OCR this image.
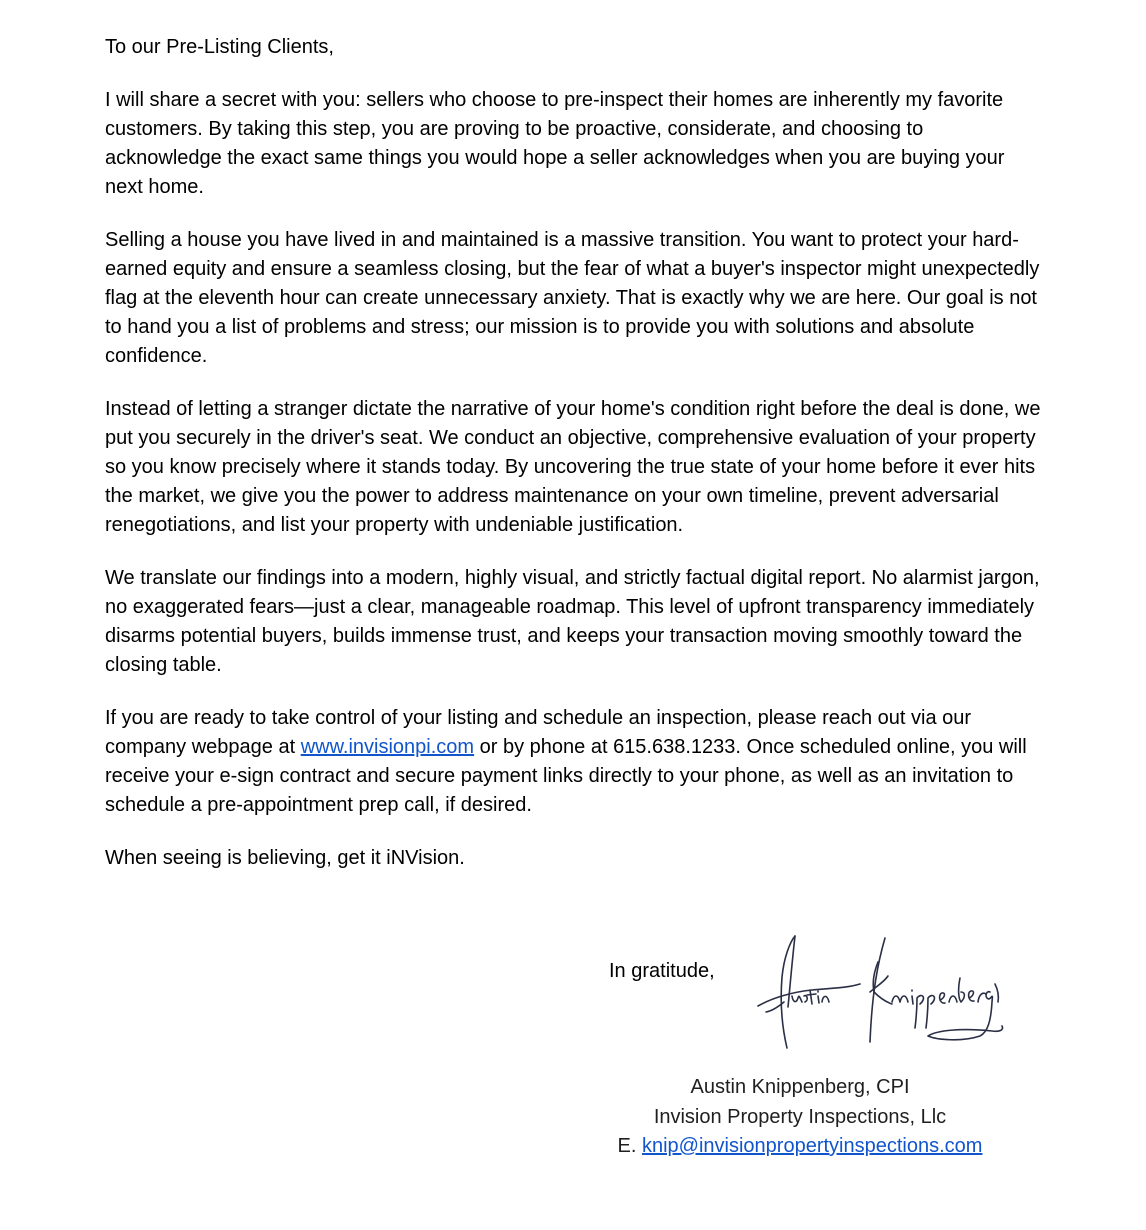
To our Pre-Listing Clients,

I will share a secret with you: sellers who choose to pre-inspect their homes are inherently my favorite customers. By taking this step, you are proving to be proactive, considerate, and choosing to acknowledge the exact same things you would hope a seller acknowledges when you are buying your next home.

Selling a house you have lived in and maintained is a massive transition. You want to protect your hard-earned equity and ensure a seamless closing, but the fear of what a buyer's inspector might unexpectedly flag at the eleventh hour can create unnecessary anxiety. That is exactly why we are here. Our goal is not to hand you a list of problems and stress; our mission is to provide you with solutions and absolute confidence.

Instead of letting a stranger dictate the narrative of your home's condition right before the deal is done, we put you securely in the driver's seat. We conduct an objective, comprehensive evaluation of your property so you know precisely where it stands today. By uncovering the true state of your home before it ever hits the market, we give you the power to address maintenance on your own timeline, prevent adversarial renegotiations, and list your property with undeniable justification.

We translate our findings into a modern, highly visual, and strictly factual digital report. No alarmist jargon, no exaggerated fears—just a clear, manageable roadmap. This level of upfront transparency immediately disarms potential buyers, builds immense trust, and keeps your transaction moving smoothly toward the closing table.

If you are ready to take control of your listing and schedule an inspection, please reach out via our company webpage at www.invisionpi.com or by phone at 615.638.1233. Once scheduled online, you will receive your e-sign contract and secure payment links directly to your phone, as well as an invitation to schedule a pre-appointment prep call, if desired.

When seeing is believing, get it iNVision.

In gratitude,
Austin Knippenberg, CPI
Invision Property Inspections, Llc
E. knip@invisionpropertyinspections.com
